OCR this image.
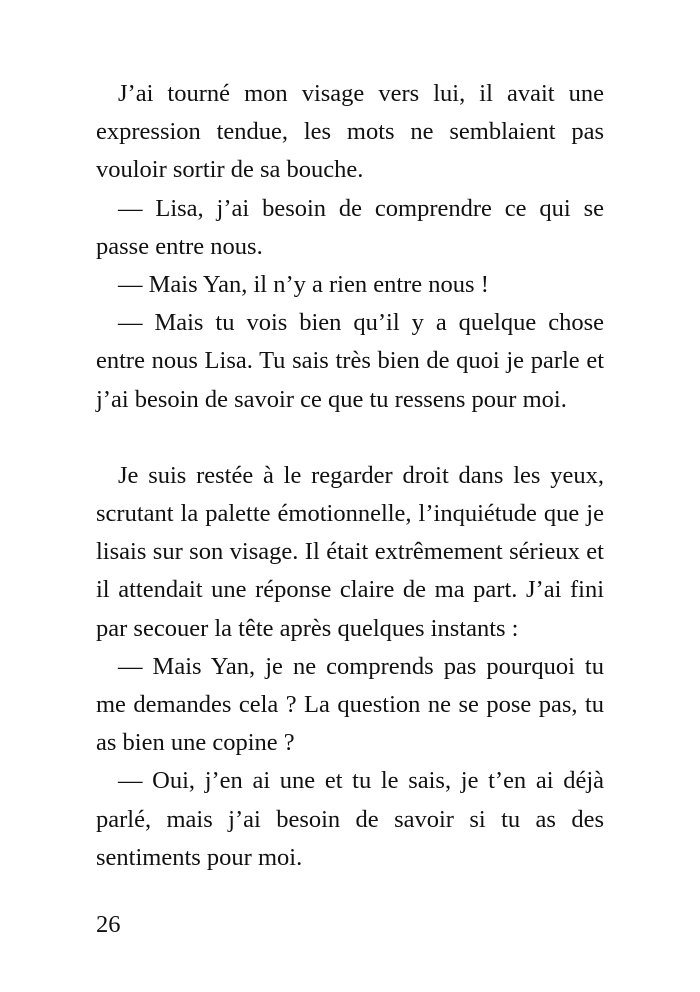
J’ai tourné mon visage vers lui, il avait une expression tendue, les mots ne semblaient pas vouloir sortir de sa bouche.

— Lisa, j’ai besoin de comprendre ce qui se passe entre nous.

— Mais Yan, il n’y a rien entre nous !

— Mais tu vois bien qu’il y a quelque chose entre nous Lisa. Tu sais très bien de quoi je parle et j’ai besoin de savoir ce que tu ressens pour moi.

Je suis restée à le regarder droit dans les yeux, scrutant la palette émotionnelle, l’inquiétude que je lisais sur son visage. Il était extrêmement sérieux et il attendait une réponse claire de ma part. J’ai fini par secouer la tête après quelques instants :

— Mais Yan, je ne comprends pas pourquoi tu me demandes cela ? La question ne se pose pas, tu as bien une copine ?

— Oui, j’en ai une et tu le sais, je t’en ai déjà parlé, mais j’ai besoin de savoir si tu as des sentiments pour moi.

26
